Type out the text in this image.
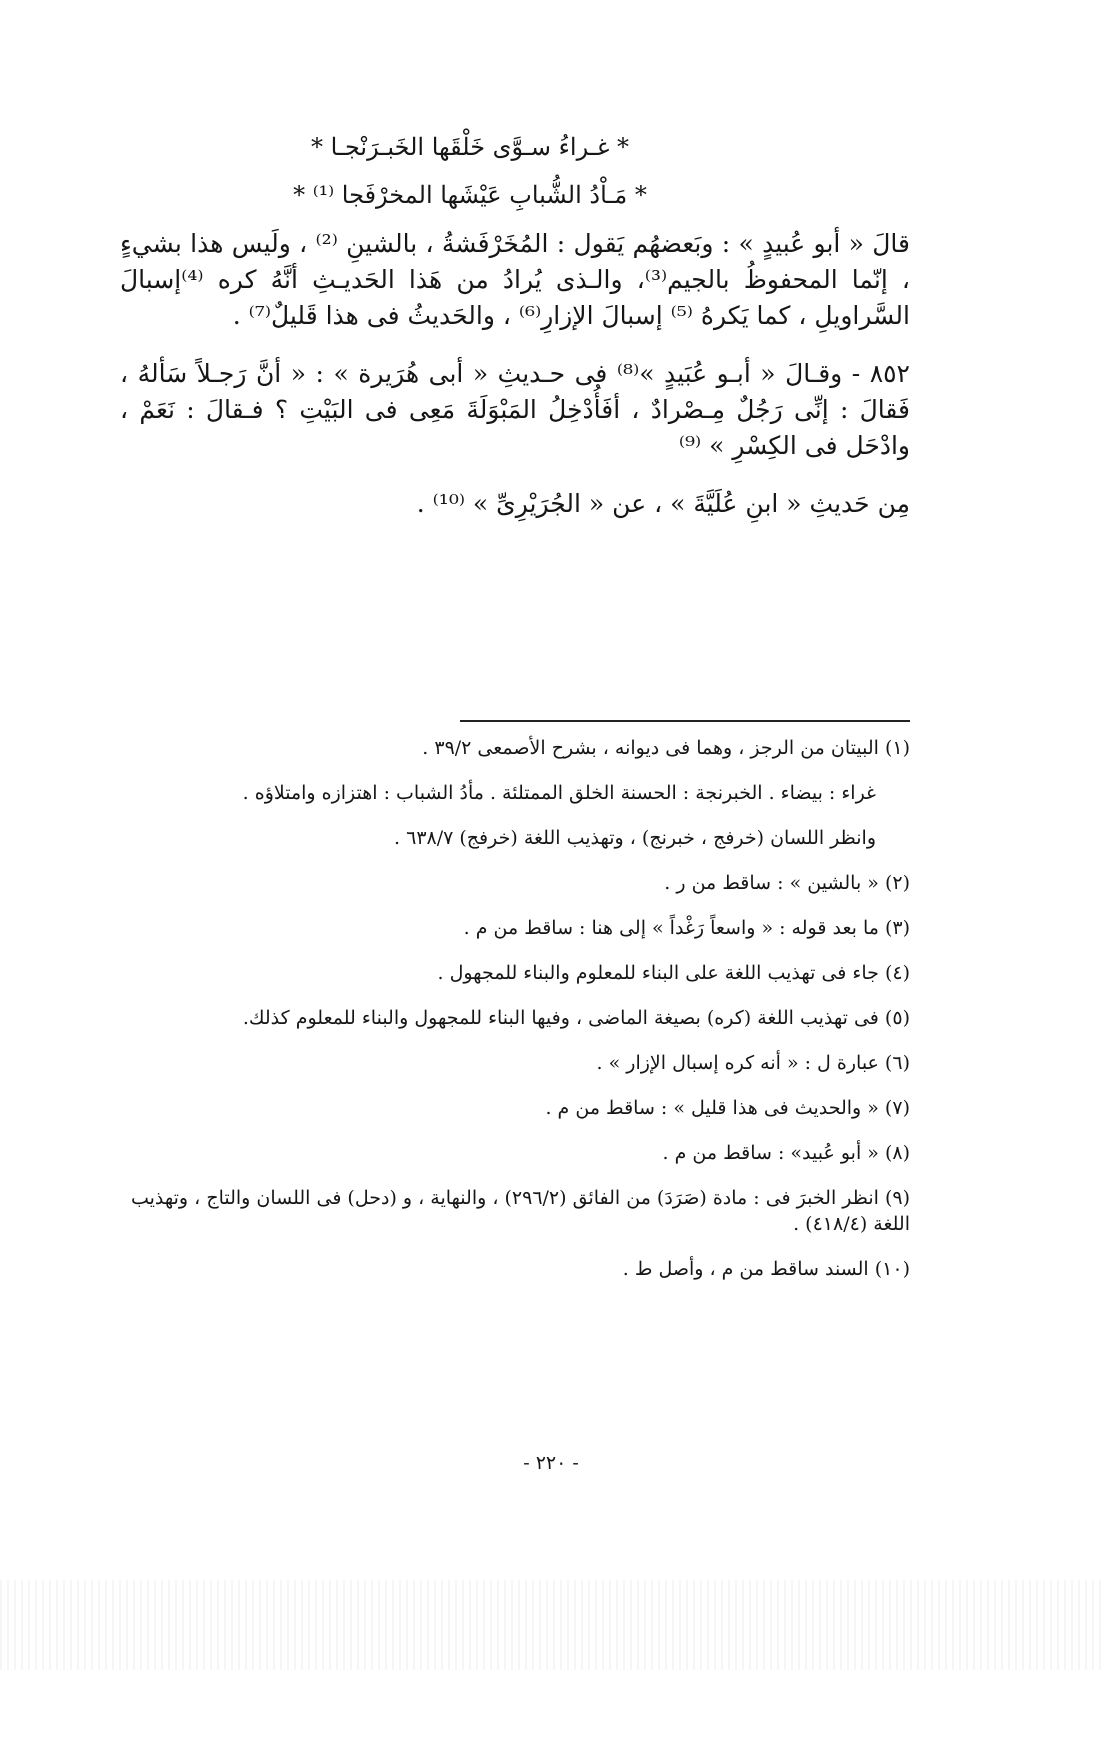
* غـراءُ سـوَّى خَلْقَها الخَبـرَنْجـا *

* مَـاْدُ الشُّبابِ عَيْشَها المخرْفَجا ⁽¹⁾ *

قالَ « أبو عُبيدٍ » : وبَعضهُم يَقول : المُخَرْفَشةُ ، بالشينِ ⁽²⁾ ، ولَيس هذا بشيءٍ ، إنّما المحفوظُ بالجيم⁽³⁾، والـذى يُرادُ من هَذا الحَديـثِ أنَّهُ كره ⁽⁴⁾إسبالَ السَّراويلِ ، كما يَكرهُ ⁽⁵⁾ إسبالَ الإزارِ⁽⁶⁾ ، والحَديثُ فى هذا قَليلٌ⁽⁷⁾ .

٨٥٢ - وقـالَ « أبـو عُبَيدٍ »⁽⁸⁾ فى حـديثِ « أبى هُرَيرة » : « أنَّ رَجـلاً سَألهُ ، فَقالَ : إنِّى رَجُلٌ مِـصْرادٌ ، أفَأُدْخِلُ المَبْوَلَةَ مَعِى فى البَيْتِ ؟ فـقالَ : نَعَمْ ، وادْحَل فى الكِسْرِ » ⁽⁹⁾

مِن حَديثِ « ابنِ عُلَيَّةَ » ، عن « الجُرَيْرِىِّ » ⁽¹⁰⁾ .

(١) البيتان من الرجز ، وهما فى ديوانه ، بشرح الأصمعى ٣٩/٢ .

غراء : بيضاء . الخبرنجة : الحسنة الخلق الممتلئة . مأدُ الشباب : اهتزازه وامتلاؤه .

وانظر اللسان (خرفج ، خبرنج) ، وتهذيب اللغة (خرفج) ٦٣٨/٧ .

(٢) « بالشين » : ساقط من ر .

(٣) ما بعد قوله : « واسعاً رَغْداً » إلى هنا : ساقط من م .

(٤) جاء فى تهذيب اللغة على البناء للمعلوم والبناء للمجهول .

(٥) فى تهذيب اللغة (كره) بصيغة الماضى ، وفيها البناء للمجهول والبناء للمعلوم كذلك.

(٦) عبارة ل : « أنه كره إسبال الإزار » .

(٧) « والحديث فى هذا قليل » : ساقط من م .

(٨) « أبو عُبيد» : ساقط من م .

(٩) انظر الخبرَ فى : مادة (صَرَدَ) من الفائق (٢٩٦/٢) ، والنهاية ، و (دحل) فى اللسان والتاج ، وتهذيب اللغة (٤١٨/٤) .

(١٠) السند ساقط من م ، وأصل ط .

- ٢٢٠ -
